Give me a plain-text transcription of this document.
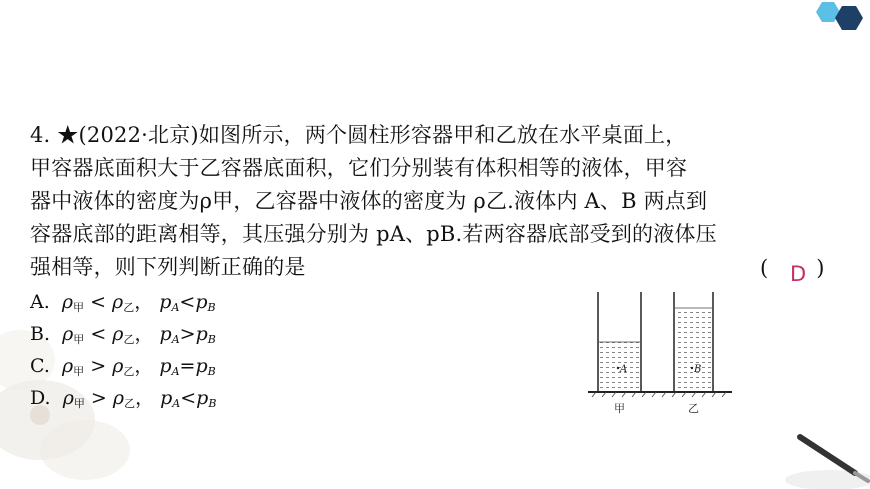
4. ★(2022·北京)如图所示，两个圆柱形容器甲和乙放在水平桌面上，
甲容器底面积大于乙容器底面积，它们分别装有体积相等的液体，甲容
器中液体的密度为ρ甲，乙容器中液体的密度为 ρ乙.液体内 A、B 两点到
容器底部的距离相等，其压强分别为 pA、pB.若两容器底部受到的液体压
强相等，则下列判断正确的是	( )
D
A. $\rho_甲 < \rho_乙$， $p_A<p_B$
B. $\rho_甲 < \rho_乙$， $p_A>p_B$
C. $\rho_甲 > \rho_乙$， $p_A=p_B$
D. $\rho_甲 > \rho_乙$， $p_A<p_B$
A	B
甲	乙
